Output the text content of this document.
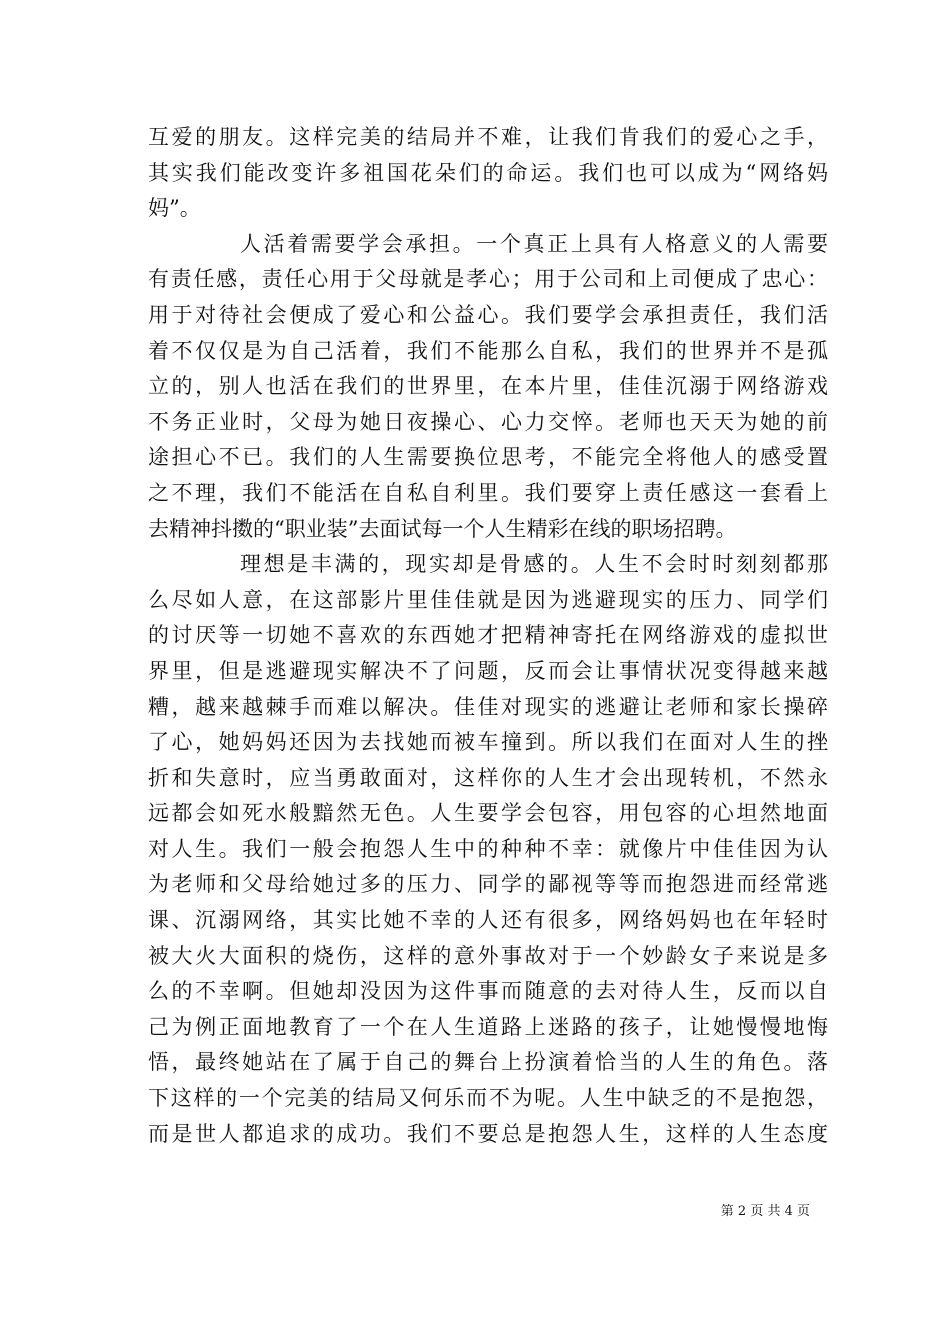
互爱的朋友。这样完美的结局并不难，让我们肯我们的爱心之手，
其实我们能改变许多祖国花朵们的命运。我们也可以成为“网络妈
妈”。
人活着需要学会承担。一个真正上具有人格意义的人需要
有责任感，责任心用于父母就是孝心；用于公司和上司便成了忠心：
用于对待社会便成了爱心和公益心。我们要学会承担责任，我们活
着不仅仅是为自己活着，我们不能那么自私，我们的世界并不是孤
立的，别人也活在我们的世界里，在本片里，佳佳沉溺于网络游戏
不务正业时，父母为她日夜操心、心力交悴。老师也天天为她的前
途担心不已。我们的人生需要换位思考，不能完全将他人的感受置
之不理，我们不能活在自私自利里。我们要穿上责任感这一套看上
去精神抖擞的“职业装”去面试每一个人生精彩在线的职场招聘。
理想是丰满的，现实却是骨感的。人生不会时时刻刻都那
么尽如人意，在这部影片里佳佳就是因为逃避现实的压力、同学们
的讨厌等一切她不喜欢的东西她才把精神寄托在网络游戏的虚拟世
界里，但是逃避现实解决不了问题，反而会让事情状况变得越来越
糟，越来越棘手而难以解决。佳佳对现实的逃避让老师和家长操碎
了心，她妈妈还因为去找她而被车撞到。所以我们在面对人生的挫
折和失意时，应当勇敢面对，这样你的人生才会出现转机，不然永
远都会如死水般黯然无色。人生要学会包容，用包容的心坦然地面
对人生。我们一般会抱怨人生中的种种不幸：就像片中佳佳因为认
为老师和父母给她过多的压力、同学的鄙视等等而抱怨进而经常逃
课、沉溺网络，其实比她不幸的人还有很多，网络妈妈也在年轻时
被大火大面积的烧伤，这样的意外事故对于一个妙龄女子来说是多
么的不幸啊。但她却没因为这件事而随意的去对待人生，反而以自
己为例正面地教育了一个在人生道路上迷路的孩子，让她慢慢地悔
悟，最终她站在了属于自己的舞台上扮演着恰当的人生的角色。落
下这样的一个完美的结局又何乐而不为呢。人生中缺乏的不是抱怨，
而是世人都追求的成功。我们不要总是抱怨人生，这样的人生态度
第 2 页 共 4 页
